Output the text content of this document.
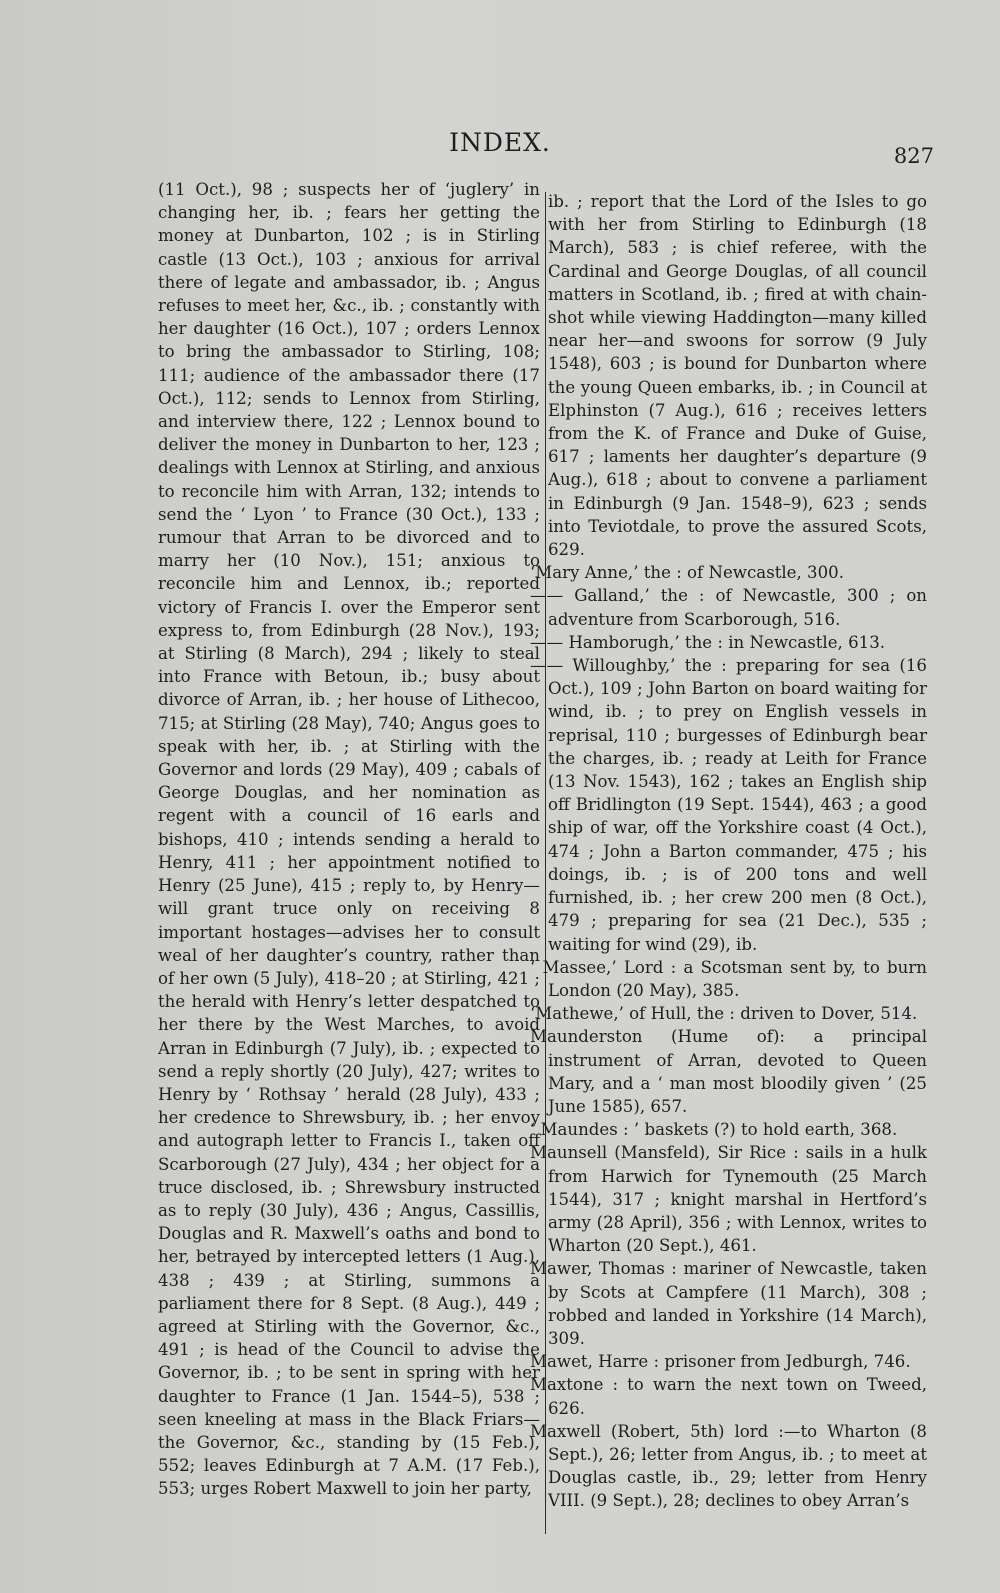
INDEX.	827

(11 Oct.), 98 ; suspects her of ‘juglery’ in changing her, ib. ; fears her getting the money at Dunbarton, 102 ; is in Stirling castle (13 Oct.), 103 ; anxious for arrival there of legate and ambassador, ib. ; Angus refuses to meet her, &c., ib. ; constantly with her daughter (16 Oct.), 107 ; orders Lennox to bring the ambassador to Stirling, 108; 111; audience of the ambassador there (17 Oct.), 112; sends to Lennox from Stirling, and interview there, 122 ; Lennox bound to deliver the money in Dunbarton to her, 123 ; dealings with Lennox at Stirling, and anxious to reconcile him with Arran, 132; intends to send the ‘ Lyon ’ to France (30 Oct.), 133 ; rumour that Arran to be divorced and to marry her (10 Nov.), 151; anxious to reconcile him and Lennox, ib.; reported victory of Francis I. over the Emperor sent express to, from Edinburgh (28 Nov.), 193; at Stirling (8 March), 294 ; likely to steal into France with Betoun, ib.; busy about divorce of Arran, ib. ; her house of Lithecoo, 715; at Stirling (28 May), 740; Angus goes to speak with her, ib. ; at Stirling with the Governor and lords (29 May), 409 ; cabals of George Douglas, and her nomination as regent with a council of 16 earls and bishops, 410 ; intends sending a herald to Henry, 411 ; her appointment notified to Henry (25 June), 415 ; reply to, by Henry—will grant truce only on receiving 8 important hostages—advises her to consult weal of her daughter’s country, rather than of her own (5 July), 418–20 ; at Stirling, 421 ; the herald with Henry’s letter despatched to her there by the West Marches, to avoid Arran in Edinburgh (7 July), ib. ; expected to send a reply shortly (20 July), 427; writes to Henry by ‘ Rothsay ’ herald (28 July), 433 ; her credence to Shrewsbury, ib. ; her envoy and autograph letter to Francis I., taken off Scarborough (27 July), 434 ; her object for a truce disclosed, ib. ; Shrewsbury instructed as to reply (30 July), 436 ; Angus, Cassillis, Douglas and R. Maxwell’s oaths and bond to her, betrayed by intercepted letters (1 Aug.), 438 ; 439 ; at Stirling, summons a parliament there for 8 Sept. (8 Aug.), 449 ; agreed at Stirling with the Governor, &c., 491 ; is head of the Council to advise the Governor, ib. ; to be sent in spring with her daughter to France (1 Jan. 1544–5), 538 ; seen kneeling at mass in the Black Friars—the Governor, &c., standing by (15 Feb.), 552; leaves Edinburgh at 7 A.M. (17 Feb.), 553; urges Robert Maxwell to join her party,

ib. ; report that the Lord of the Isles to go with her from Stirling to Edinburgh (18 March), 583 ; is chief referee, with the Cardinal and George Douglas, of all council matters in Scotland, ib. ; fired at with chain-shot while viewing Haddington—many killed near her—and swoons for sorrow (9 July 1548), 603 ; is bound for Dunbarton where the young Queen embarks, ib. ; in Council at Elphinston (7 Aug.), 616 ; receives letters from the K. of France and Duke of Guise, 617 ; laments her daughter’s departure (9 Aug.), 618 ; about to convene a parliament in Edinburgh (9 Jan. 1548–9), 623 ; sends into Teviotdale, to prove the assured Scots, 629.

‘Mary Anne,’ the : of Newcastle, 300.

—— Galland,’ the : of Newcastle, 300 ; on adventure from Scarborough, 516.

—— Hamborugh,’ the : in Newcastle, 613.

—— Willoughby,’ the : preparing for sea (16 Oct.), 109 ; John Barton on board waiting for wind, ib. ; to prey on English vessels in reprisal, 110 ; burgesses of Edinburgh bear the charges, ib. ; ready at Leith for France (13 Nov. 1543), 162 ; takes an English ship off Bridlington (19 Sept. 1544), 463 ; a good ship of war, off the Yorkshire coast (4 Oct.), 474 ; John a Barton commander, 475 ; his doings, ib. ; is of 200 tons and well furnished, ib. ; her crew 200 men (8 Oct.), 479 ; preparing for sea (21 Dec.), 535 ; waiting for wind (29), ib.

‘ Massee,’ Lord : a Scotsman sent by, to burn London (20 May), 385.

‘Mathewe,’ of Hull, the : driven to Dover, 514.

Maunderston (Hume of): a principal instrument of Arran, devoted to Queen Mary, and a ‘ man most bloodily given ’ (25 June 1585), 657.

‘ Maundes : ’ baskets (?) to hold earth, 368.

Maunsell (Mansfeld), Sir Rice : sails in a hulk from Harwich for Tynemouth (25 March 1544), 317 ; knight marshal in Hertford’s army (28 April), 356 ; with Lennox, writes to Wharton (20 Sept.), 461.

Mawer, Thomas : mariner of Newcastle, taken by Scots at Campfere (11 March), 308 ; robbed and landed in Yorkshire (14 March), 309.

Mawet, Harre : prisoner from Jedburgh, 746.

Maxtone : to warn the next town on Tweed, 626.

Maxwell (Robert, 5th) lord :—to Wharton (8 Sept.), 26; letter from Angus, ib. ; to meet at Douglas castle, ib., 29; letter from Henry VIII. (9 Sept.), 28; declines to obey Arran’s
